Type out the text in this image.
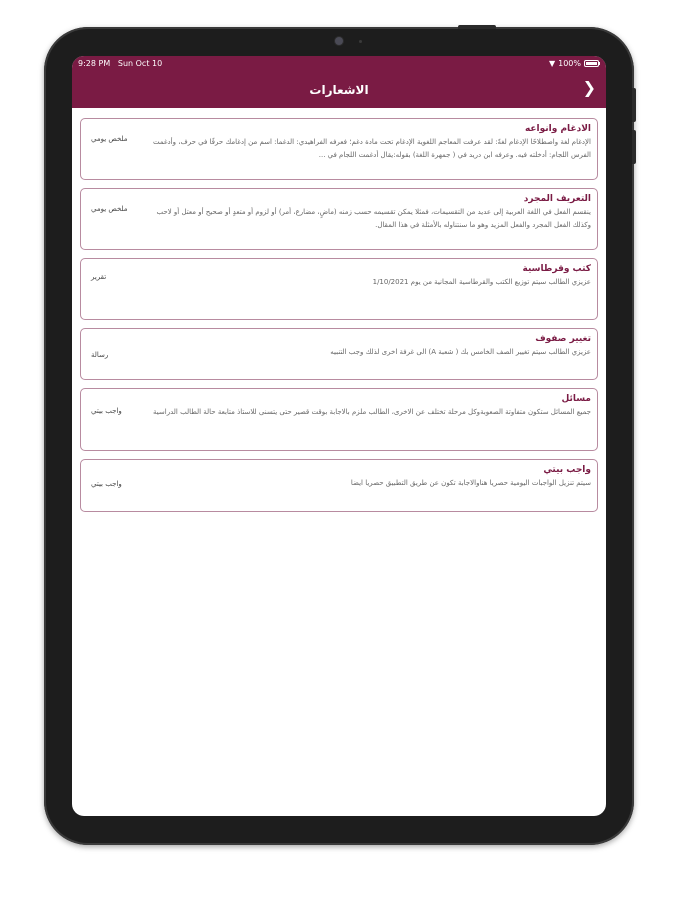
9:28 PM Sun Oct 10	▼ 100%
الاشعارات	❯
الادغام وانواعه
الإدغام لغة واصطلاحًا الإدغام لغةً: لقد عرفت المعاجم اللغوية الإدغام تحت مادة دغم؛ فعرفه الفراهيدي: الدغما: اسم من إدغامك حرفًا في حرف، وأدغمت الفرس اللجام: أدخلته فيه. وعرفه ابن دريد في ( جمهرة اللغة) بقوله:يقال أدغمت اللجام في ...
ملخص يومي
التعريف المجرد
ينقسم الفعل في اللغة العربية إلى عديد من التقسيمات، فمثلا يمكن تقسيمه حسب زمنه (ماضٍ، مضارع، أمر) أو لزوم أو متعدٍ أو صحيح أو معتل أو لاحب وكذلك الفعل المجرد والفعل المزيد وهو ما سنتناوله بالأمثلة في هذا المقال.
ملخص يومي
كتب وقرطاسية
عزيزي الطالب سيتم توزيع الكتب والقرطاسية المجانية من يوم 1/10/2021
تقرير
تغيير صفوف
عزيزي الطالب سيتم تغيير الصف الخامس بك ( شعبة A) الى غرفة اخرى لذلك وجب التنبيه
رسالة
مسائل
جميع المسائل ستكون متفاوتة الصعوبةوكل مرحلة تختلف عن الاخرى، الطالب ملزم بالاجابة بوقت قصير حتى يتسنى للاستاذ متابعة حالة الطالب الدراسية
واجب بيتي
واجب بيتي
سيتم تنزيل الواجبات اليومية حصريا هناوالاجابة تكون عن طريق التطبيق حصريا ايضا
واجب بيتي
